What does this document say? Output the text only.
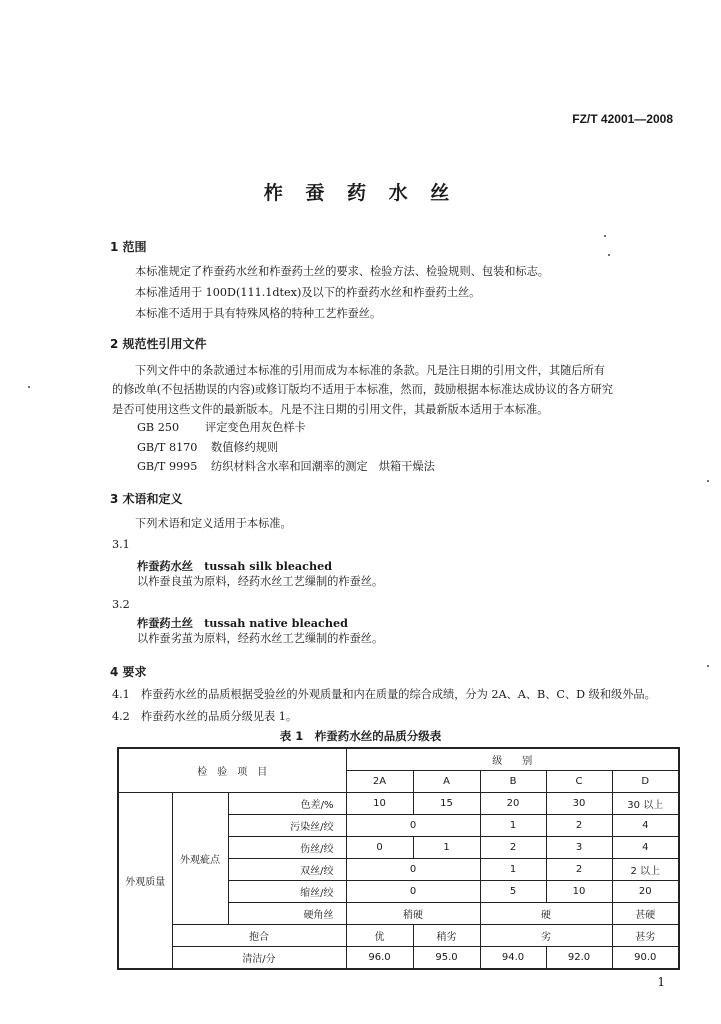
FZ/T 42001—2008
柞 蚕 药 水 丝
1 范围
本标准规定了柞蚕药水丝和柞蚕药土丝的要求、检验方法、检验规则、包装和标志。
本标准适用于 100D(111.1dtex)及以下的柞蚕药水丝和柞蚕药土丝。
本标准不适用于具有特殊风格的特种工艺柞蚕丝。
2 规范性引用文件
下列文件中的条款通过本标准的引用而成为本标准的条款。凡是注日期的引用文件，其随后所有
的修改单(不包括勘误的内容)或修订版均不适用于本标准，然而，鼓励根据本标准达成协议的各方研究
是否可使用这些文件的最新版本。凡是不注日期的引用文件，其最新版本适用于本标准。
GB 250 评定变色用灰色样卡
GB/T 8170 数值修约规则
GB/T 9995 纺织材料含水率和回潮率的测定　烘箱干燥法
3 术语和定义
下列术语和定义适用于本标准。
3.1
柞蚕药水丝　tussah silk bleached
以柞蚕良茧为原料，经药水丝工艺缫制的柞蚕丝。
3.2
柞蚕药土丝　tussah native bleached
以柞蚕劣茧为原料，经药水丝工艺缫制的柞蚕丝。
4 要求
4.1　柞蚕药水丝的品质根据受验丝的外观质量和内在质量的综合成绩，分为 2A、A、B、C、D 级和级外品。
4.2　柞蚕药水丝的品质分级见表 1。
表 1　柞蚕药水丝的品质分级表
检　验　项　目			级　　别				
			2A	A	B	C	D
外观质量	外观疵点	色差/%	10	15	20	30	30 以上
		污染丝/绞	0		1	2	4
		伤丝/绞	0	1	2	3	4
		双丝/绞	0		1	2	2 以上
		缩丝/绞	0		5	10	20
		硬角丝	稍硬		硬		甚硬
	抱合		优	稍劣	劣		甚劣
	清洁/分		96.0	95.0	94.0	92.0	90.0
1
